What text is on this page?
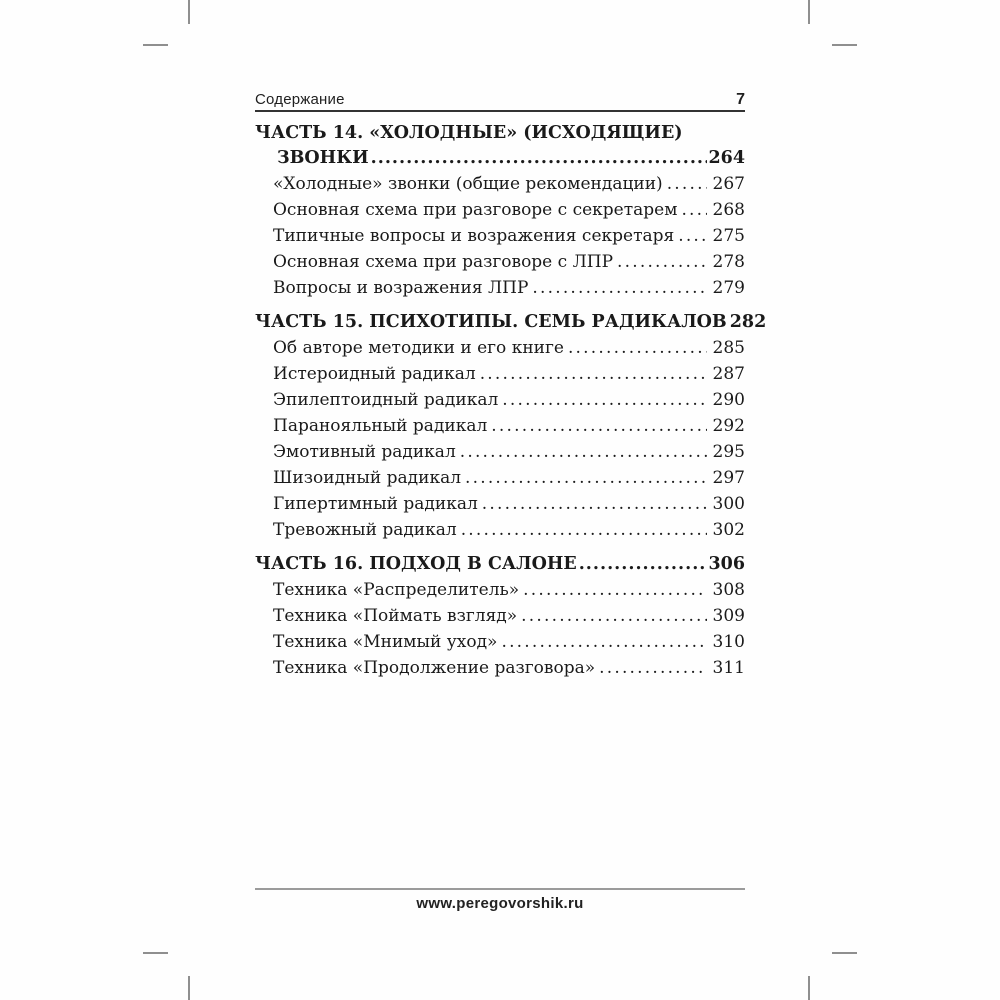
Содержание	7
ЧАСТЬ 14. «ХОЛОДНЫЕ» (ИСХОДЯЩИЕ)
ЗВОНКИ .....	264
«Холодные» звонки (общие рекомендации) .....	267
Основная схема при разговоре с секретарем ..... 268
Типичные вопросы и возражения секретаря ..... 275
Основная схема при разговоре с ЛПР .....	278
Вопросы и возражения ЛПР .....	279
ЧАСТЬ 15. ПСИХОТИПЫ. СЕМЬ РАДИКАЛОВ 282
Об авторе методики и его книге .....	285
Истероидный радикал .....	287
Эпилептоидный радикал .....	290
Паранояльный радикал .....	292
Эмотивный радикал .....	295
Шизоидный радикал .....	297
Гипертимный радикал .....	300
Тревожный радикал .....	302
ЧАСТЬ 16. ПОДХОД В САЛОНЕ .....	306
Техника «Распределитель» .....	308
Техника «Поймать взгляд» .....	309
Техника «Мнимый уход» .....	310
Техника «Продолжение разговора» .....	311
www.peregovorshik.ru
